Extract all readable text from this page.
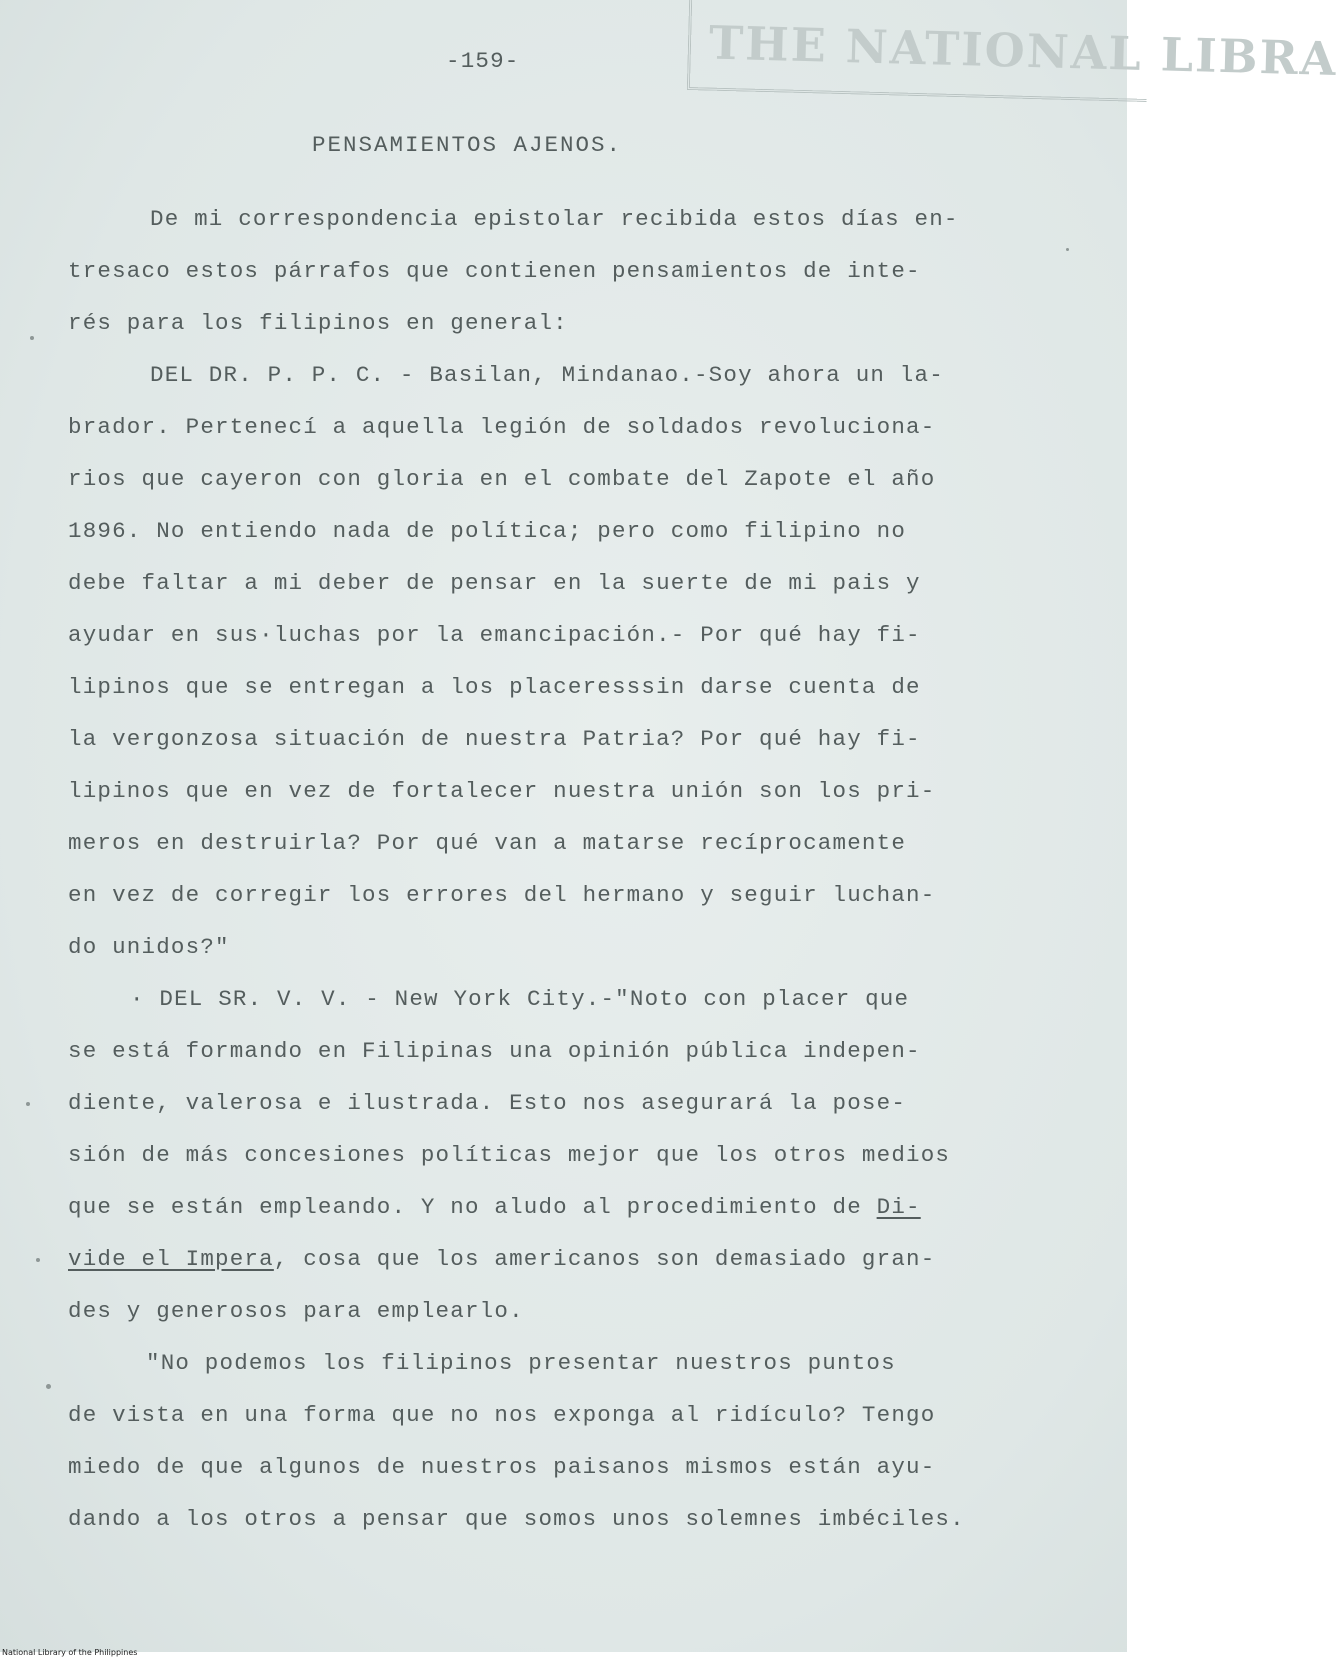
THE NATIONAL LIBRA
-159-
PENSAMIENTOS AJENOS.
De mi correspondencia epistolar recibida estos días en-
tresaco estos párrafos que contienen pensamientos de inte-
rés para los filipinos en general:
DEL DR. P. P. C. - Basilan, Mindanao.-Soy ahora un la-
brador. Pertenecí a aquella legión de soldados revoluciona-
rios que cayeron con gloria en el combate del Zapote el año
1896. No entiendo nada de política; pero como filipino no
debe faltar a mi deber de pensar en la suerte de mi pais y
ayudar en sus·luchas por la emancipación.- Por qué hay fi-
lipinos que se entregan a los placeresssin darse cuenta de
la vergonzosa situación de nuestra Patria? Por qué hay fi-
lipinos que en vez de fortalecer nuestra unión son los pri-
meros en destruirla? Por qué van a matarse recíprocamente
en vez de corregir los errores del hermano y seguir luchan-
do unidos?"
· DEL SR. V. V. - New York City.-"Noto con placer que
se está formando en Filipinas una opinión pública indepen-
diente, valerosa e ilustrada. Esto nos asegurará la pose-
sión de más concesiones políticas mejor que los otros medios
que se están empleando. Y no aludo al procedimiento de Di-
vide el Impera, cosa que los americanos son demasiado gran-
des y generosos para emplearlo.
"No podemos los filipinos presentar nuestros puntos
de vista en una forma que no nos exponga al ridículo? Tengo
miedo de que algunos de nuestros paisanos mismos están ayu-
dando a los otros a pensar que somos unos solemnes imbéciles.
National Library of the Philippines
